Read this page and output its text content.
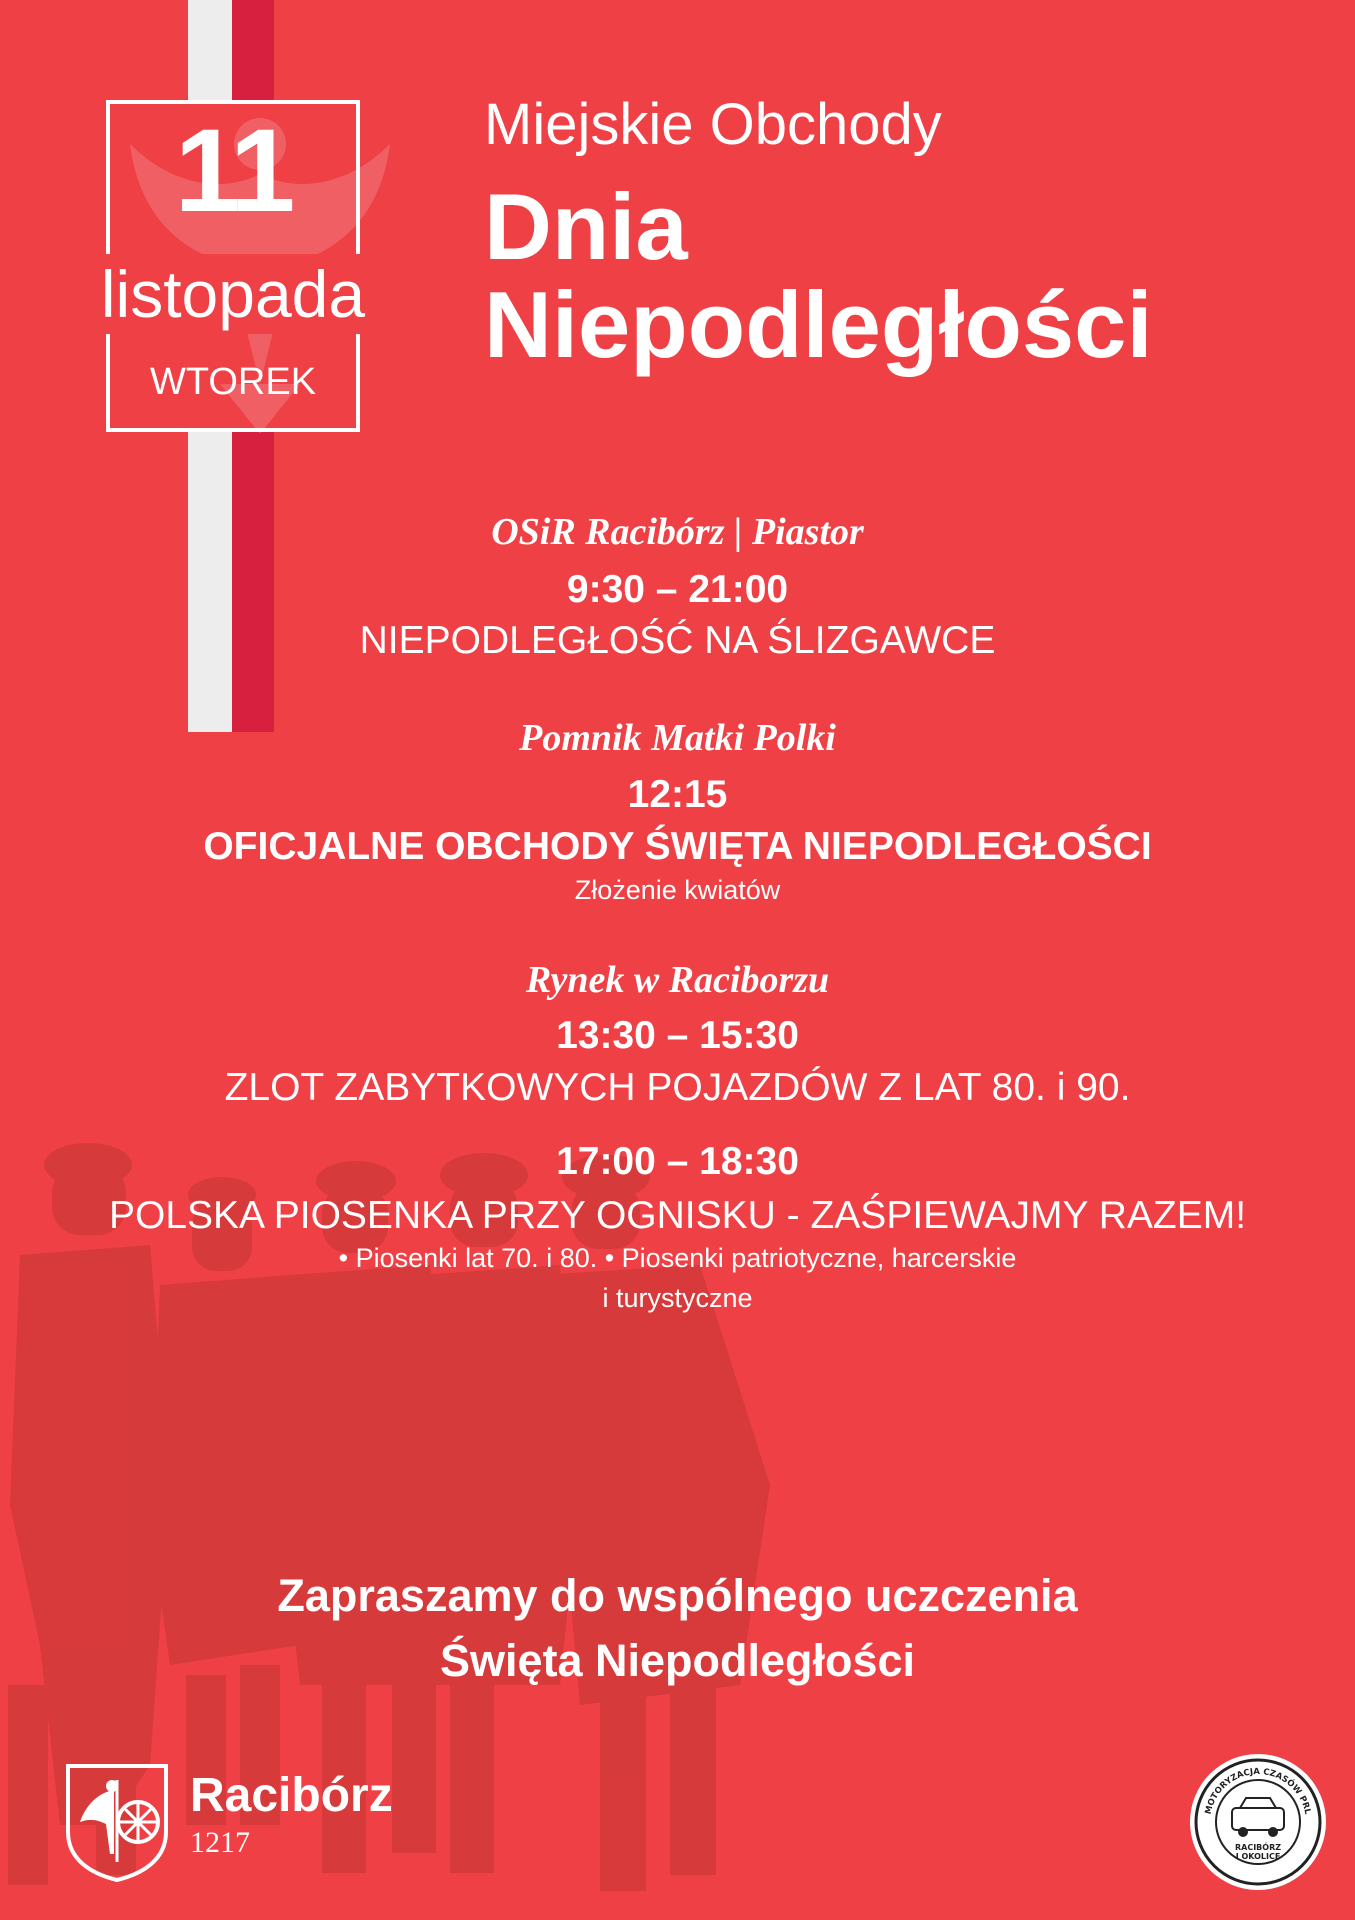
11
listopada
WTOREK
Miejskie Obchody
Dnia
Niepodległości
OSiR Racibórz | Piastor
9:30 – 21:00
NIEPODLEGŁOŚĆ NA ŚLIZGAWCE
Pomnik Matki Polki
12:15
OFICJALNE OBCHODY ŚWIĘTA NIEPODLEGŁOŚCI
Złożenie kwiatów
Rynek w Raciborzu
13:30 – 15:30
ZLOT ZABYTKOWYCH POJAZDÓW Z LAT 80. i 90.
17:00 – 18:30
POLSKA PIOSENKA PRZY OGNISKU - ZAŚPIEWAJMY RAZEM!
• Piosenki lat 70. i 80. • Piosenki patriotyczne, harcerskie
i turystyczne
Zapraszamy do wspólnego uczczenia
Święta Niepodległości
Racibórz
1217
MOTORYZACJA CZASÓW PRL
RACIBÓRZ
I OKOLICE
